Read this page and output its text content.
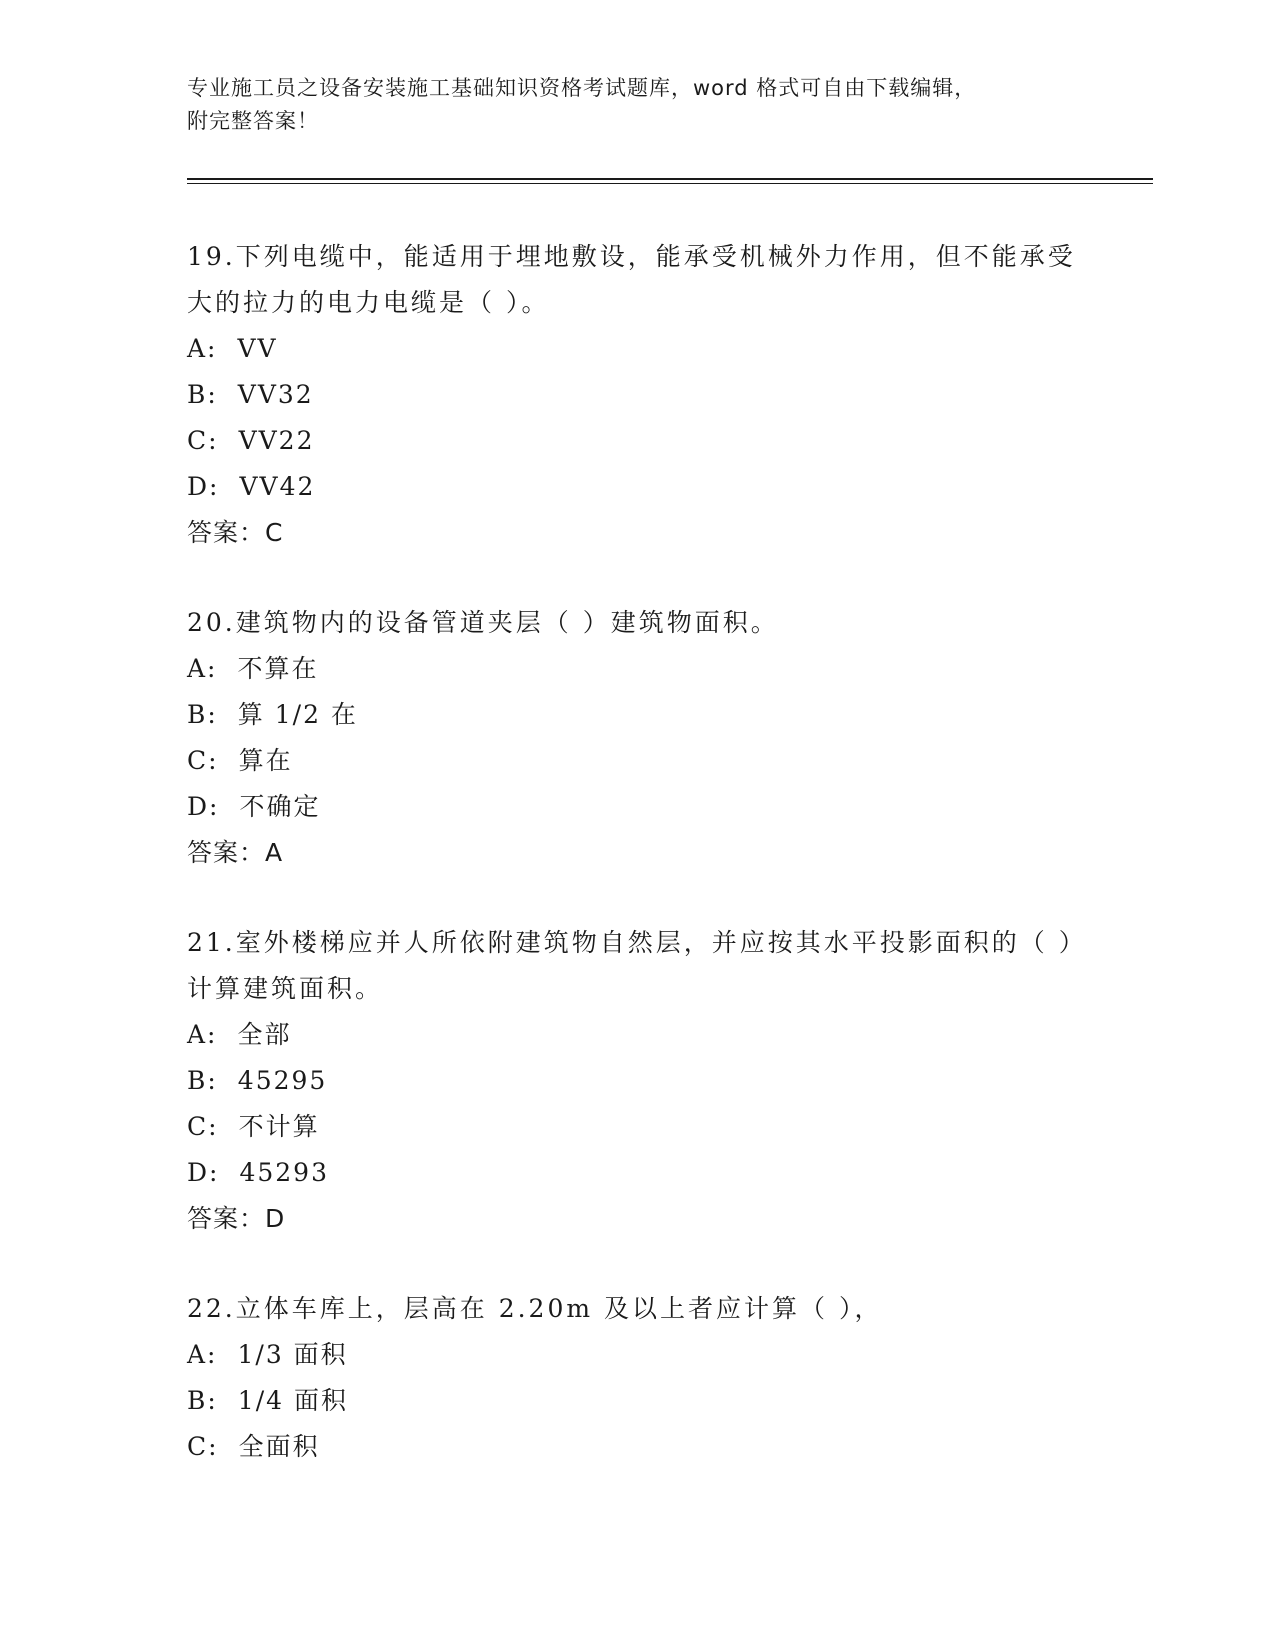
专业施工员之设备安装施工基础知识资格考试题库，word 格式可自由下载编辑，
附完整答案！

19.下列电缆中，能适用于埋地敷设，能承受机械外力作用，但不能承受大的拉力的电力电缆是（ ）。

A: VV

B: VV32

C: VV22

D: VV42

答案：C

20.建筑物内的设备管道夹层（ ）建筑物面积。

A: 不算在

B: 算 1/2 在

C: 算在

D: 不确定

答案：A

21.室外楼梯应并人所依附建筑物自然层，并应按其水平投影面积的（ ）计算建筑面积。

A: 全部

B: 45295

C: 不计算

D: 45293

答案：D

22.立体车库上，层高在 2.20m 及以上者应计算（ ），

A: 1/3 面积

B: 1/4 面积

C: 全面积
